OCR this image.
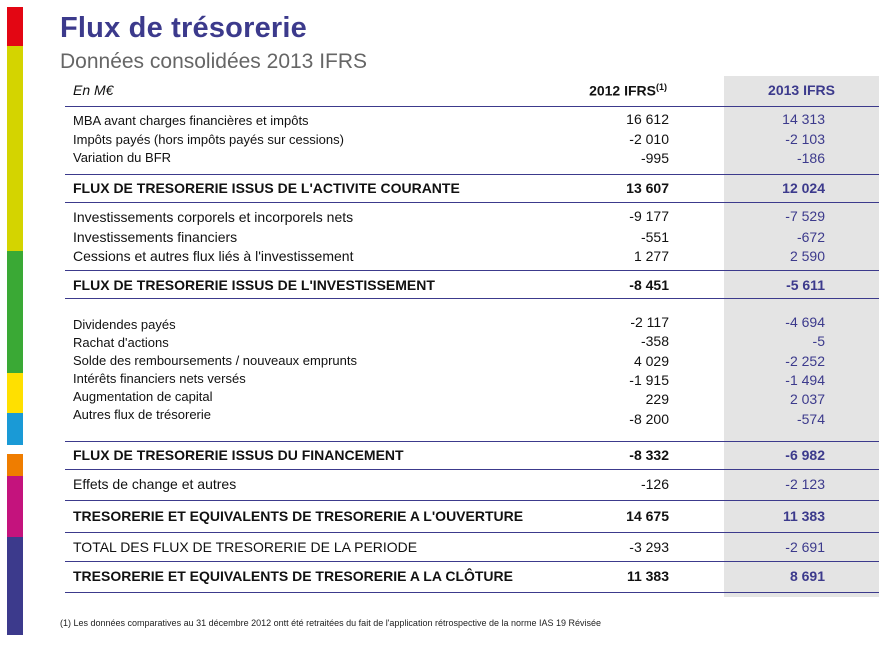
Flux de trésorerie
Données consolidées 2013 IFRS
En M€	2012 IFRS$^{(1)}$	2013 IFRS
MBA avant charges financières et impôts	16 612	14 313
Impôts payés (hors impôts payés sur cessions)	-2 010	-2 103
Variation du BFR	-995	-186
FLUX DE TRESORERIE ISSUS DE L'ACTIVITE COURANTE	13 607	12 024
Investissements corporels et incorporels nets	-9 177	-7 529
Investissements financiers	-551	-672
Cessions et autres flux liés à l'investissement	1 277	2 590
FLUX DE TRESORERIE ISSUS DE L'INVESTISSEMENT	-8 451	-5 611
Dividendes payés	-2 117	-4 694
Rachat d'actions	-358	-5
Solde des remboursements / nouveaux emprunts	4 029	-2 252
Intérêts financiers nets versés	-1 915	-1 494
Augmentation de capital	229	2 037
Autres flux de trésorerie	-8 200	-574
FLUX DE TRESORERIE ISSUS DU FINANCEMENT	-8 332	-6 982
Effets de change et autres	-126	-2 123
TRESORERIE ET EQUIVALENTS DE TRESORERIE A L'OUVERTURE	14 675	11 383
TOTAL DES FLUX DE TRESORERIE DE LA PERIODE	-3 293	-2 691
TRESORERIE ET EQUIVALENTS DE TRESORERIE A LA CLÔTURE	11 383	8 691
(1) Les données comparatives au 31 décembre 2012 ontt été retraitées du fait de l'application rétrospective de la norme IAS 19 Révisée
